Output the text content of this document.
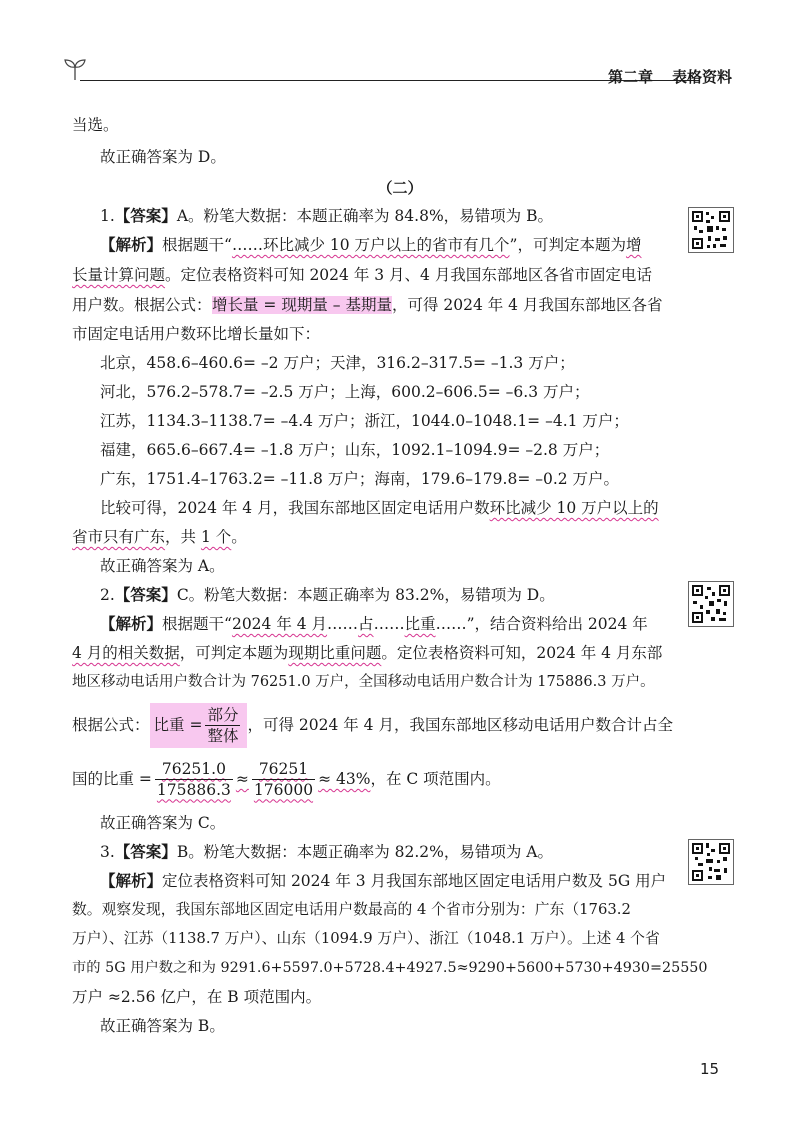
第二章 表格资料
当选。
故正确答案为 D。
（二）
1.【答案】A。粉笔大数据：本题正确率为 84.8%，易错项为 B。
【解析】根据题干“……环比减少 10 万户以上的省市有几个”，可判定本题为增
长量计算问题。定位表格资料可知 2024 年 3 月、4 月我国东部地区各省市固定电话
用户数。根据公式： 增长量 = 现期量 – 基期量，可得 2024 年 4 月我国东部地区各省
市固定电话用户数环比增长量如下：
北京，458.6–460.6= –2 万户；天津，316.2–317.5= –1.3 万户；
河北，576.2–578.7= –2.5 万户；上海，600.2–606.5= –6.3 万户；
江苏，1134.3–1138.7= –4.4 万户；浙江，1044.0–1048.1= –4.1 万户；
福建，665.6–667.4= –1.8 万户；山东，1092.1–1094.9= –2.8 万户；
广东，1751.4–1763.2= –11.8 万户；海南，179.6–179.8= –0.2 万户。
比较可得，2024 年 4 月，我国东部地区固定电话用户数环比减少 10 万户以上的
省市只有广东，共 1 个。
故正确答案为 A。
2.【答案】C。粉笔大数据：本题正确率为 83.2%，易错项为 D。
【解析】根据题干“2024 年 4 月……占……比重……”，结合资料给出 2024 年
4 月的相关数据，可判定本题为现期比重问题。定位表格资料可知，2024 年 4 月东部
地区移动电话用户数合计为 76251.0 万户，全国移动电话用户数合计为 175886.3 万户。
根据公式： 比重 = $\frac{\text{部分}}{\text{整体}}$ ，可得 2024 年 4 月，我国东部地区移动电话用户数合计占全
国的比重 = $\frac{76251.0}{175886.3} \approx \frac{76251}{176000} \approx 43\%$ ，在 C 项范围内。
故正确答案为 C。
3.【答案】B。粉笔大数据：本题正确率为 82.2%，易错项为 A。
【解析】定位表格资料可知 2024 年 3 月我国东部地区固定电话用户数及 5G 用户
数。观察发现，我国东部地区固定电话用户数最高的 4 个省市分别为：广东（1763.2
万户）、江苏（1138.7 万户）、山东（1094.9 万户）、浙江（1048.1 万户）。上述 4 个省
市的 5G 用户数之和为 9291.6+5597.0+5728.4+4927.5≈9290+5600+5730+4930=25550
万户 ≈2.56 亿户，在 B 项范围内。
故正确答案为 B。
15
